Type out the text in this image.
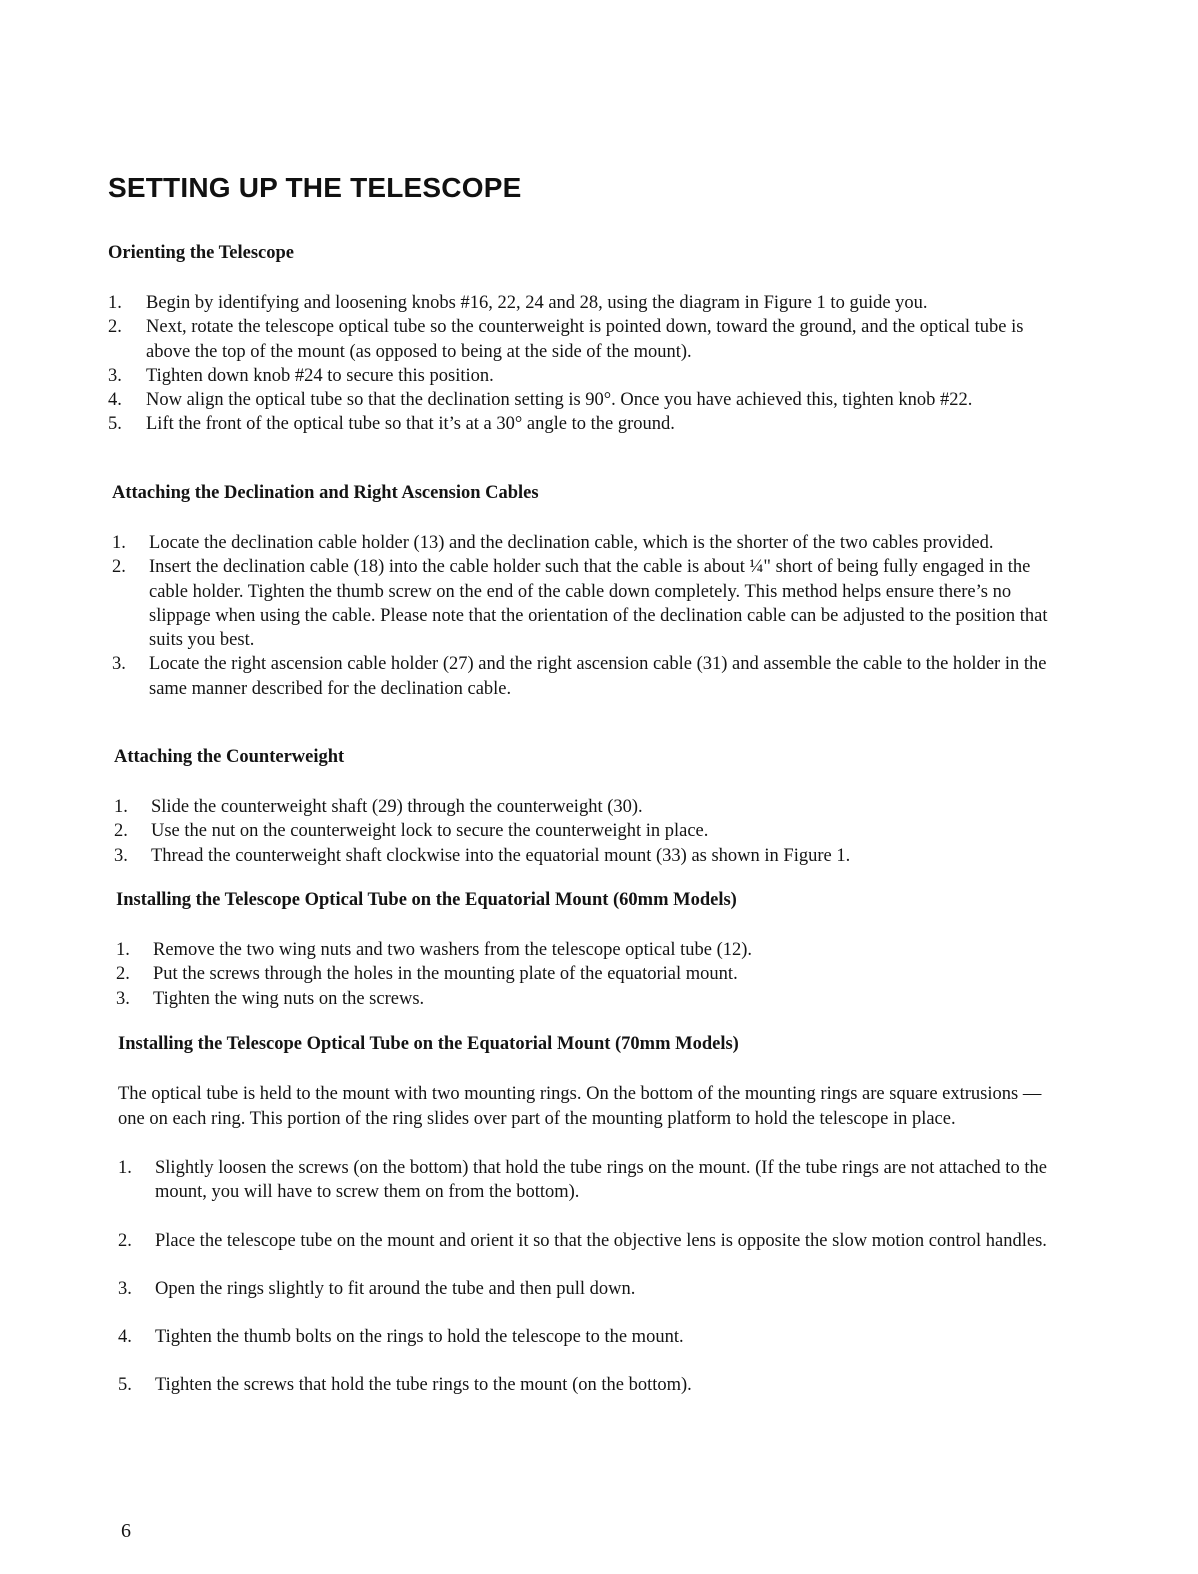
SETTING UP THE TELESCOPE
Orienting the Telescope
1. Begin by identifying and loosening knobs #16, 22, 24 and 28, using the diagram in Figure 1 to guide you.
2. Next, rotate the telescope optical tube so the counterweight is pointed down, toward the ground, and the optical tube is above the top of the mount (as opposed to being at the side of the mount).
3. Tighten down knob #24 to secure this position.
4. Now align the optical tube so that the declination setting is 90°. Once you have achieved this, tighten knob #22.
5. Lift the front of the optical tube so that it’s at a 30° angle to the ground.
Attaching the Declination and Right Ascension Cables
1. Locate the declination cable holder (13) and the declination cable, which is the shorter of the two cables provided.
2. Insert the declination cable (18) into the cable holder such that the cable is about ¼" short of being fully engaged in the cable holder. Tighten the thumb screw on the end of the cable down completely. This method helps ensure there’s no slippage when using the cable. Please note that the orientation of the declination cable can be adjusted to the position that suits you best.
3. Locate the right ascension cable holder (27) and the right ascension cable (31) and assemble the cable to the holder in the same manner described for the declination cable.
Attaching the Counterweight
1. Slide the counterweight shaft (29) through the counterweight (30).
2. Use the nut on the counterweight lock to secure the counterweight in place.
3. Thread the counterweight shaft clockwise into the equatorial mount (33) as shown in Figure 1.
Installing the Telescope Optical Tube on the Equatorial Mount (60mm Models)
1. Remove the two wing nuts and two washers from the telescope optical tube (12).
2. Put the screws through the holes in the mounting plate of the equatorial mount.
3. Tighten the wing nuts on the screws.
Installing the Telescope Optical Tube on the Equatorial Mount (70mm Models)

The optical tube is held to the mount with two mounting rings. On the bottom of the mounting rings are square extrusions — one on each ring. This portion of the ring slides over part of the mounting platform to hold the telescope in place.

1. Slightly loosen the screws (on the bottom) that hold the tube rings on the mount. (If the tube rings are not attached to the mount, you will have to screw them on from the bottom).
2. Place the telescope tube on the mount and orient it so that the objective lens is opposite the slow motion control handles.
3. Open the rings slightly to fit around the tube and then pull down.
4. Tighten the thumb bolts on the rings to hold the telescope to the mount.
5. Tighten the screws that hold the tube rings to the mount (on the bottom).
6
